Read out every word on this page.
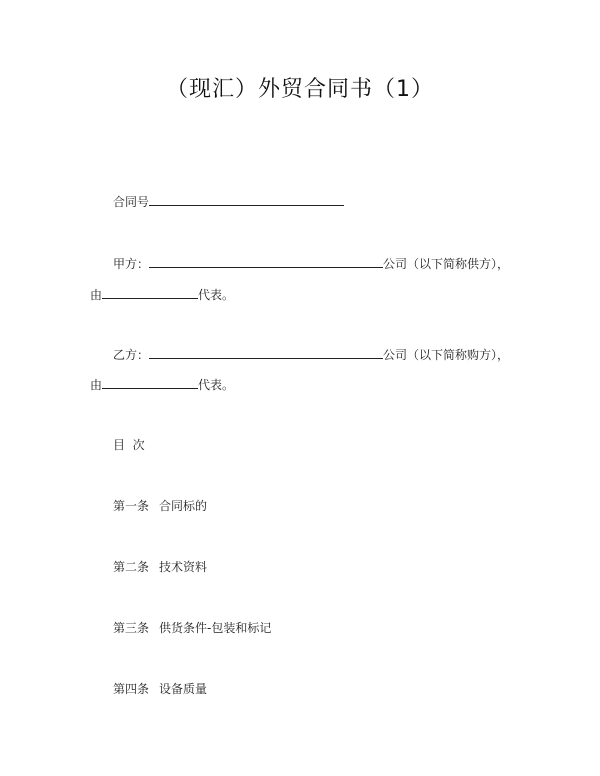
（现汇）外贸合同书（1）
合同号
甲方：	公司（以下简称供方），
由	代表。
乙方：	公司（以下简称购方），
由	代表。
目  次
第一条 合同标的
第二条 技术资料
第三条 供货条件-包装和标记
第四条 设备质量
